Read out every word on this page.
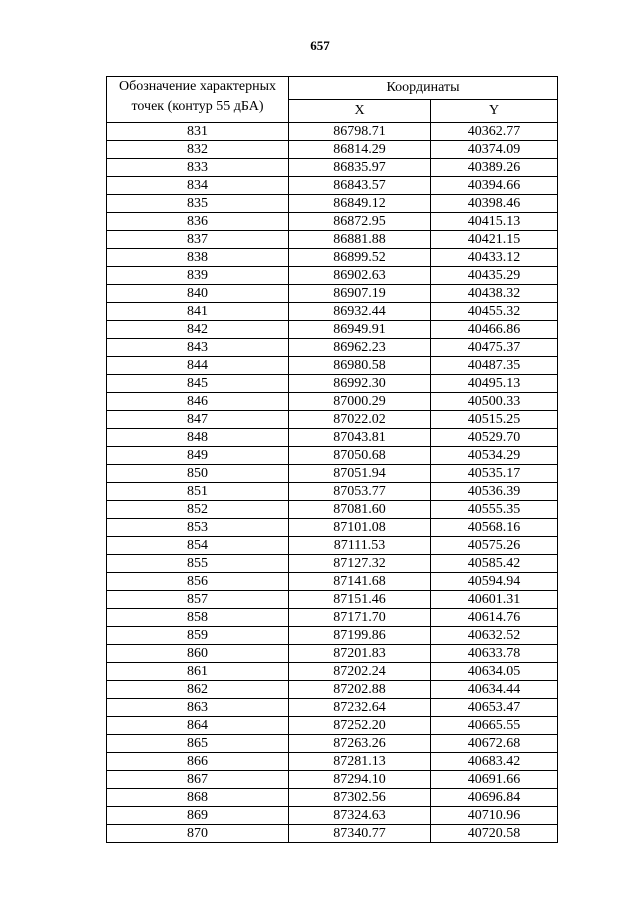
657
Обозначение характерных точек (контур 55 дБА)	Координаты	
	X	Y
831	86798.71	40362.77
832	86814.29	40374.09
833	86835.97	40389.26
834	86843.57	40394.66
835	86849.12	40398.46
836	86872.95	40415.13
837	86881.88	40421.15
838	86899.52	40433.12
839	86902.63	40435.29
840	86907.19	40438.32
841	86932.44	40455.32
842	86949.91	40466.86
843	86962.23	40475.37
844	86980.58	40487.35
845	86992.30	40495.13
846	87000.29	40500.33
847	87022.02	40515.25
848	87043.81	40529.70
849	87050.68	40534.29
850	87051.94	40535.17
851	87053.77	40536.39
852	87081.60	40555.35
853	87101.08	40568.16
854	87111.53	40575.26
855	87127.32	40585.42
856	87141.68	40594.94
857	87151.46	40601.31
858	87171.70	40614.76
859	87199.86	40632.52
860	87201.83	40633.78
861	87202.24	40634.05
862	87202.88	40634.44
863	87232.64	40653.47
864	87252.20	40665.55
865	87263.26	40672.68
866	87281.13	40683.42
867	87294.10	40691.66
868	87302.56	40696.84
869	87324.63	40710.96
870	87340.77	40720.58
